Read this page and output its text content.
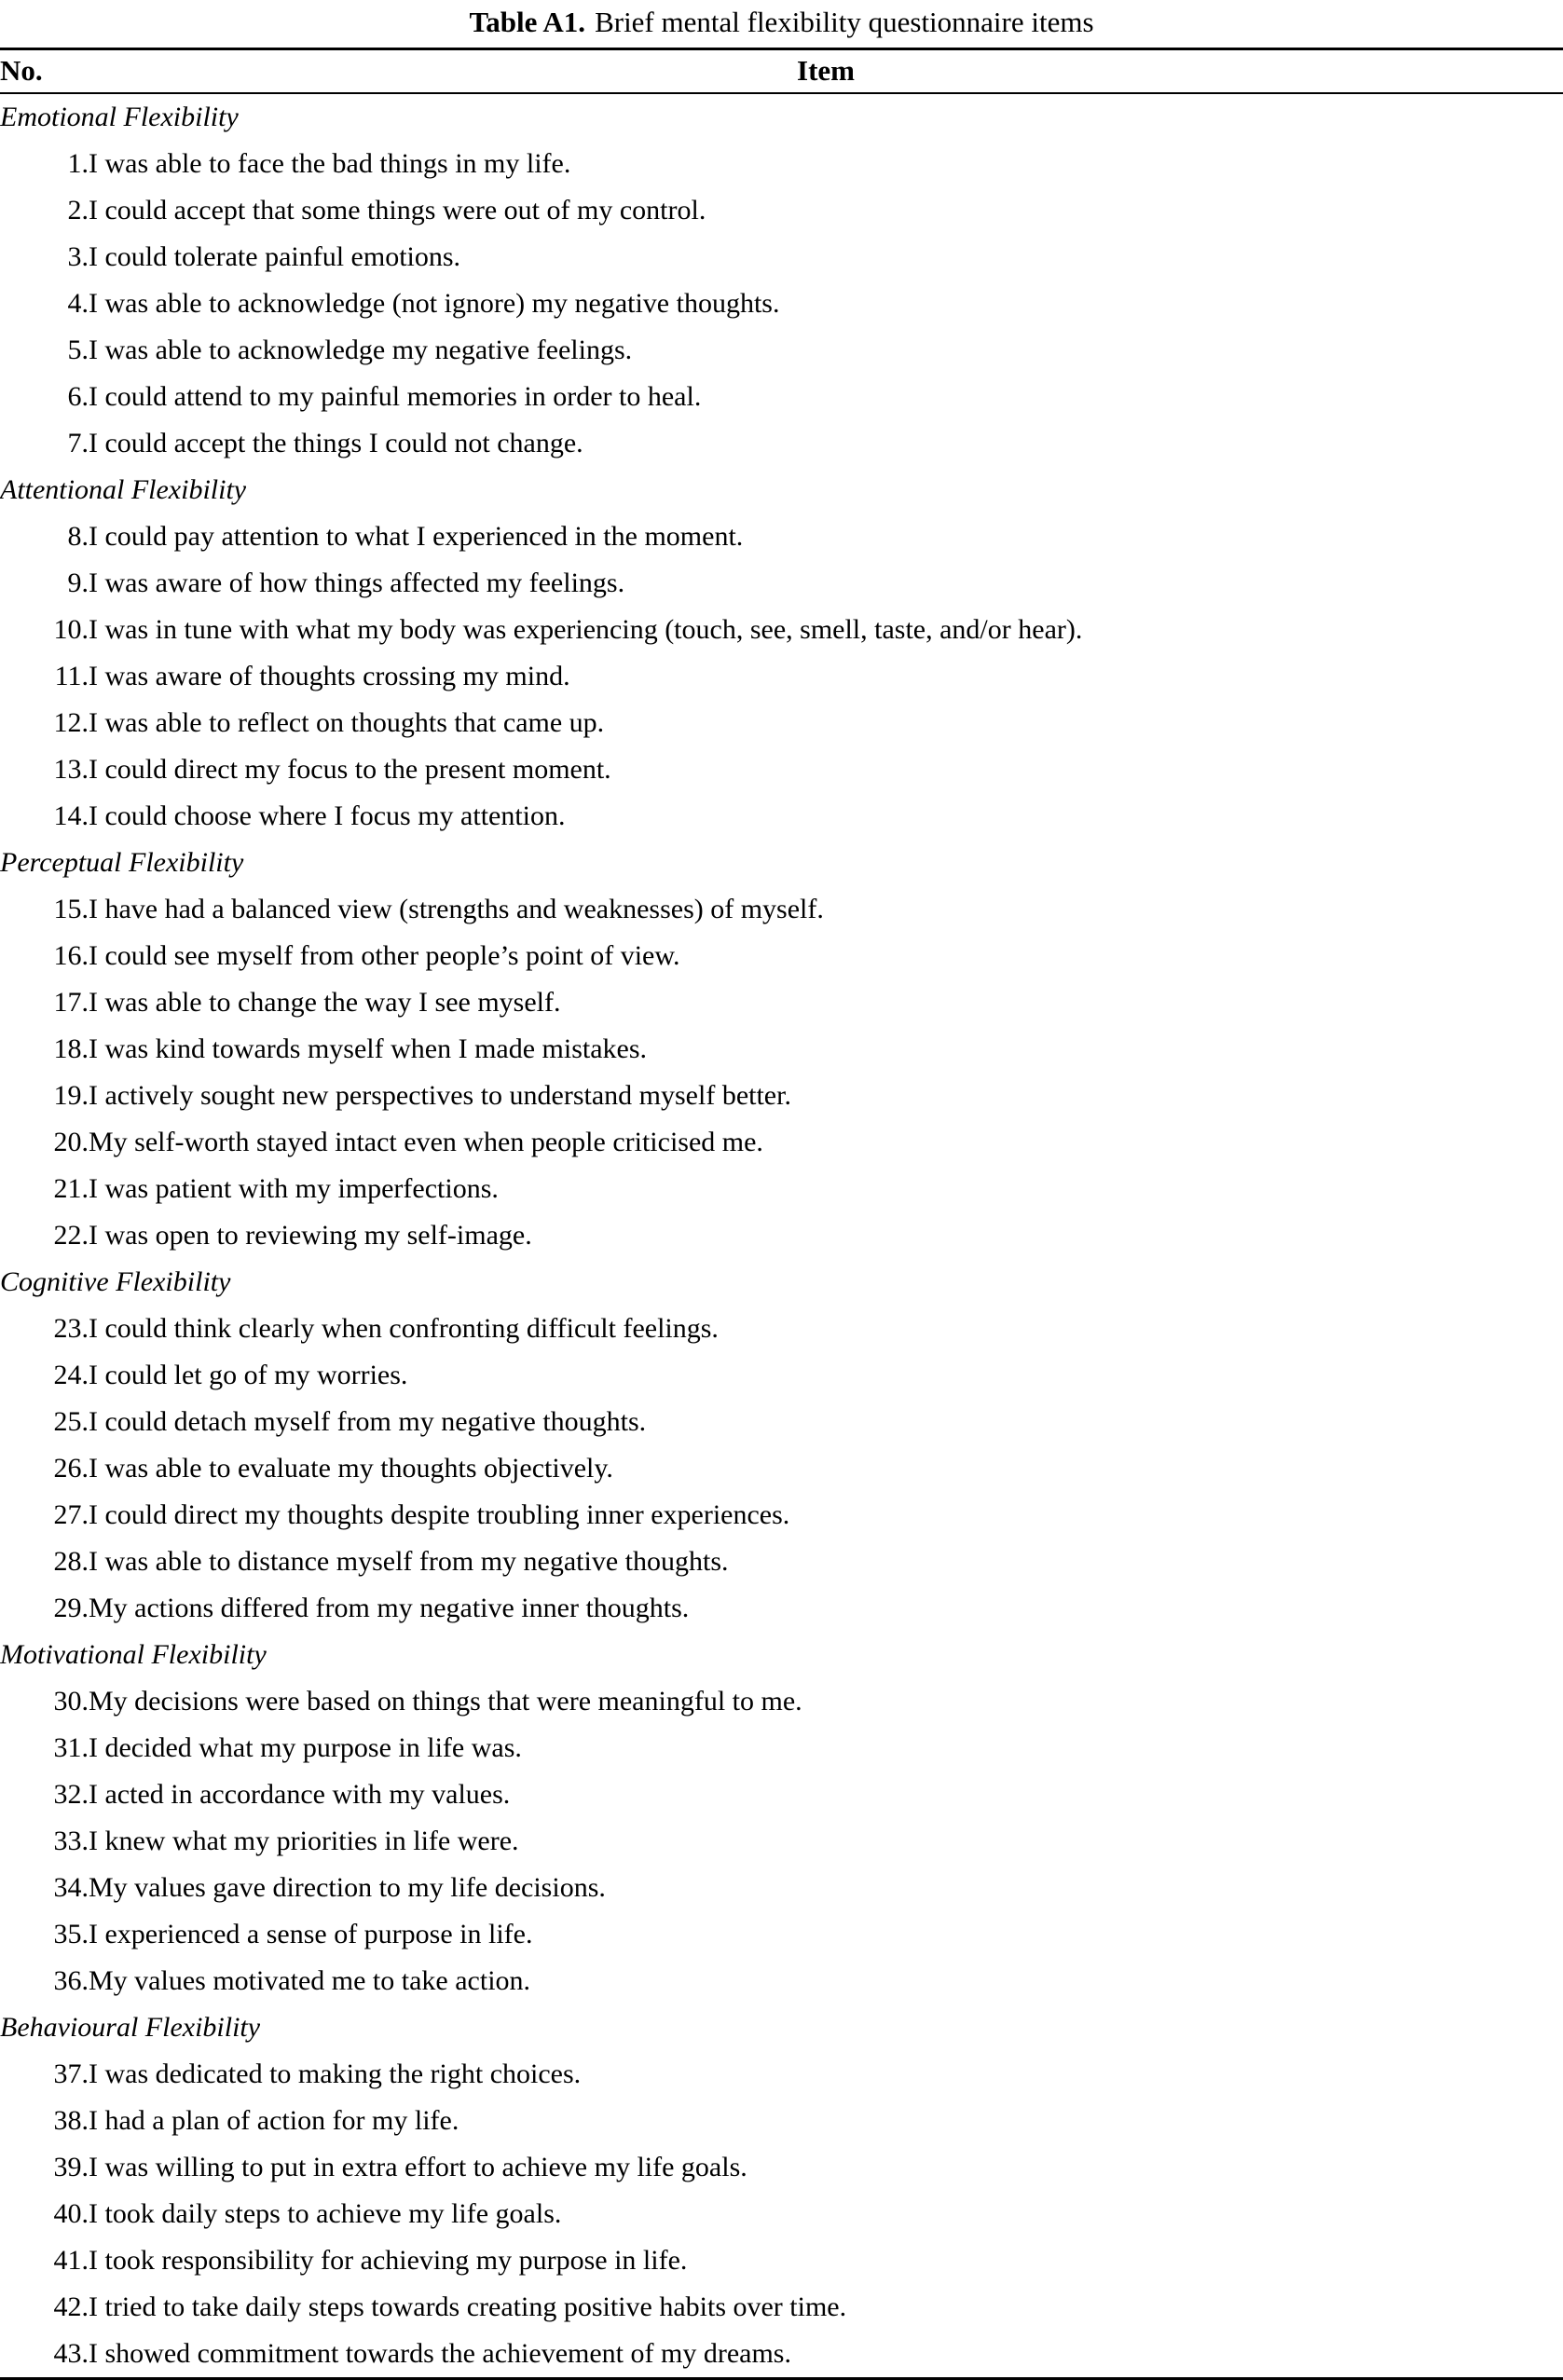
Table A1. Brief mental flexibility questionnaire items
No.	Item
Emotional Flexibility	
1.	I was able to face the bad things in my life.
2.	I could accept that some things were out of my control.
3.	I could tolerate painful emotions.
4.	I was able to acknowledge (not ignore) my negative thoughts.
5.	I was able to acknowledge my negative feelings.
6.	I could attend to my painful memories in order to heal.
7.	I could accept the things I could not change.
Attentional Flexibility	
8.	I could pay attention to what I experienced in the moment.
9.	I was aware of how things affected my feelings.
10.	I was in tune with what my body was experiencing (touch, see, smell, taste, and/or hear).
11.	I was aware of thoughts crossing my mind.
12.	I was able to reflect on thoughts that came up.
13.	I could direct my focus to the present moment.
14.	I could choose where I focus my attention.
Perceptual Flexibility	
15.	I have had a balanced view (strengths and weaknesses) of myself.
16.	I could see myself from other people’s point of view.
17.	I was able to change the way I see myself.
18.	I was kind towards myself when I made mistakes.
19.	I actively sought new perspectives to understand myself better.
20.	My self-worth stayed intact even when people criticised me.
21.	I was patient with my imperfections.
22.	I was open to reviewing my self-image.
Cognitive Flexibility	
23.	I could think clearly when confronting difficult feelings.
24.	I could let go of my worries.
25.	I could detach myself from my negative thoughts.
26.	I was able to evaluate my thoughts objectively.
27.	I could direct my thoughts despite troubling inner experiences.
28.	I was able to distance myself from my negative thoughts.
29.	My actions differed from my negative inner thoughts.
Motivational Flexibility	
30.	My decisions were based on things that were meaningful to me.
31.	I decided what my purpose in life was.
32.	I acted in accordance with my values.
33.	I knew what my priorities in life were.
34.	My values gave direction to my life decisions.
35.	I experienced a sense of purpose in life.
36.	My values motivated me to take action.
Behavioural Flexibility	
37.	I was dedicated to making the right choices.
38.	I had a plan of action for my life.
39.	I was willing to put in extra effort to achieve my life goals.
40.	I took daily steps to achieve my life goals.
41.	I took responsibility for achieving my purpose in life.
42.	I tried to take daily steps towards creating positive habits over time.
43.	I showed commitment towards the achievement of my dreams.
